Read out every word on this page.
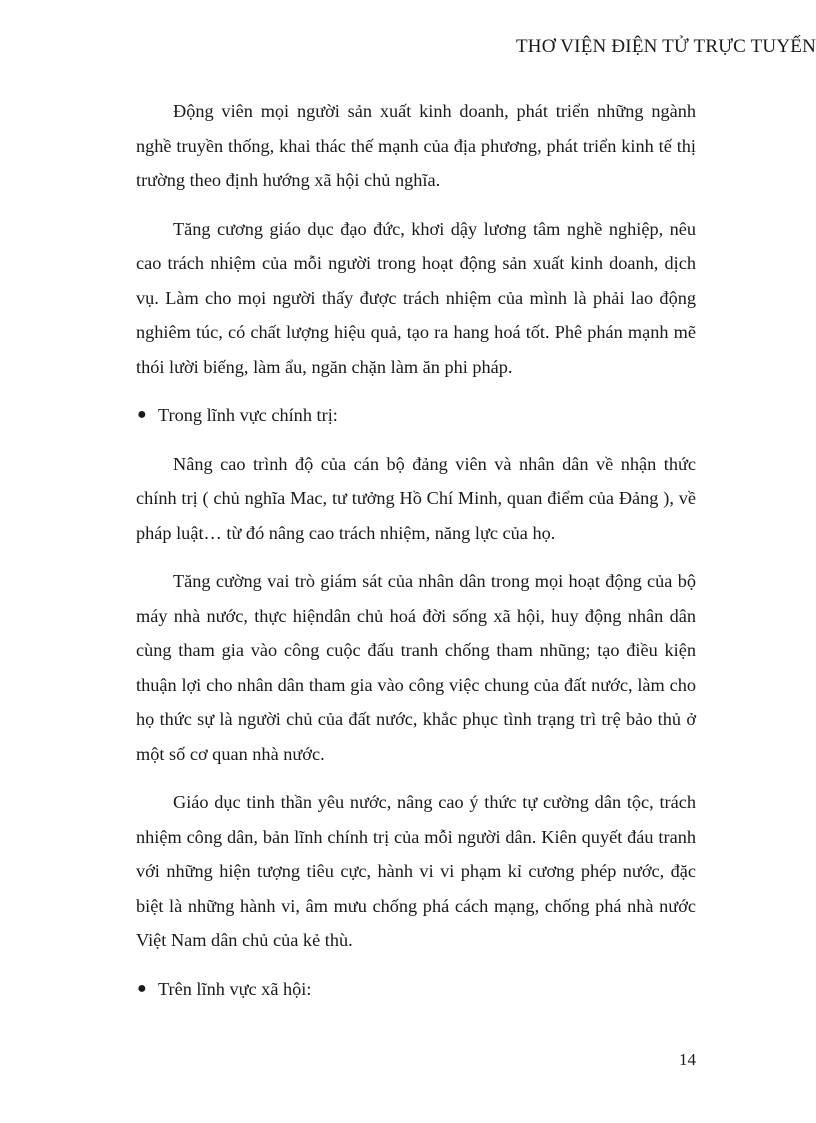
THƠ VIỆN ĐIỆN TỬ TRỰC TUYẾN

Động viên mọi người sản xuất kinh doanh, phát triển những ngành nghề truyền thống, khai thác thế mạnh của địa phương, phát triển kinh tế thị trường theo định hướng xã hội chủ nghĩa.

Tăng cương giáo dục đạo đức, khơi dậy lương tâm nghề nghiệp, nêu cao trách nhiệm của mỗi người trong hoạt động sản xuất kinh doanh, dịch vụ. Làm cho mọi người thấy được trách nhiệm của mình là phải lao động nghiêm túc, có chất lượng hiệu quả, tạo ra hang hoá tốt. Phê phán mạnh mẽ thói lười biếng, làm ẩu, ngăn chặn làm ăn phi pháp.

● Trong lĩnh vực chính trị:

Nâng cao trình độ của cán bộ đảng viên và nhân dân về nhận thức chính trị ( chủ nghĩa Mac, tư tưởng Hồ Chí Minh, quan điểm của Đảng ), về pháp luật… từ đó nâng cao trách nhiệm, năng lực của họ.

Tăng cường vai trò giám sát của nhân dân trong mọi hoạt động của bộ máy nhà nước, thực hiệndân chủ hoá đời sống xã hội, huy động nhân dân cùng tham gia vào công cuộc đấu tranh chống tham nhũng; tạo điều kiện thuận lợi cho nhân dân tham gia vào công việc chung của đất nước, làm cho họ thức sự là người chủ của đất nước, khắc phục tình trạng trì trệ bảo thủ ở một số cơ quan nhà nước.

Giáo dục tinh thần yêu nước, nâng cao ý thức tự cường dân tộc, trách nhiệm công dân, bản lĩnh chính trị của mỗi người dân. Kiên quyết đáu tranh với những hiện tượng tiêu cực, hành vi vi phạm kỉ cương phép nước, đặc biệt là những hành vi, âm mưu chống phá cách mạng, chống phá nhà nước Việt Nam dân chủ của kẻ thù.

● Trên lĩnh vực xã hội:

14
